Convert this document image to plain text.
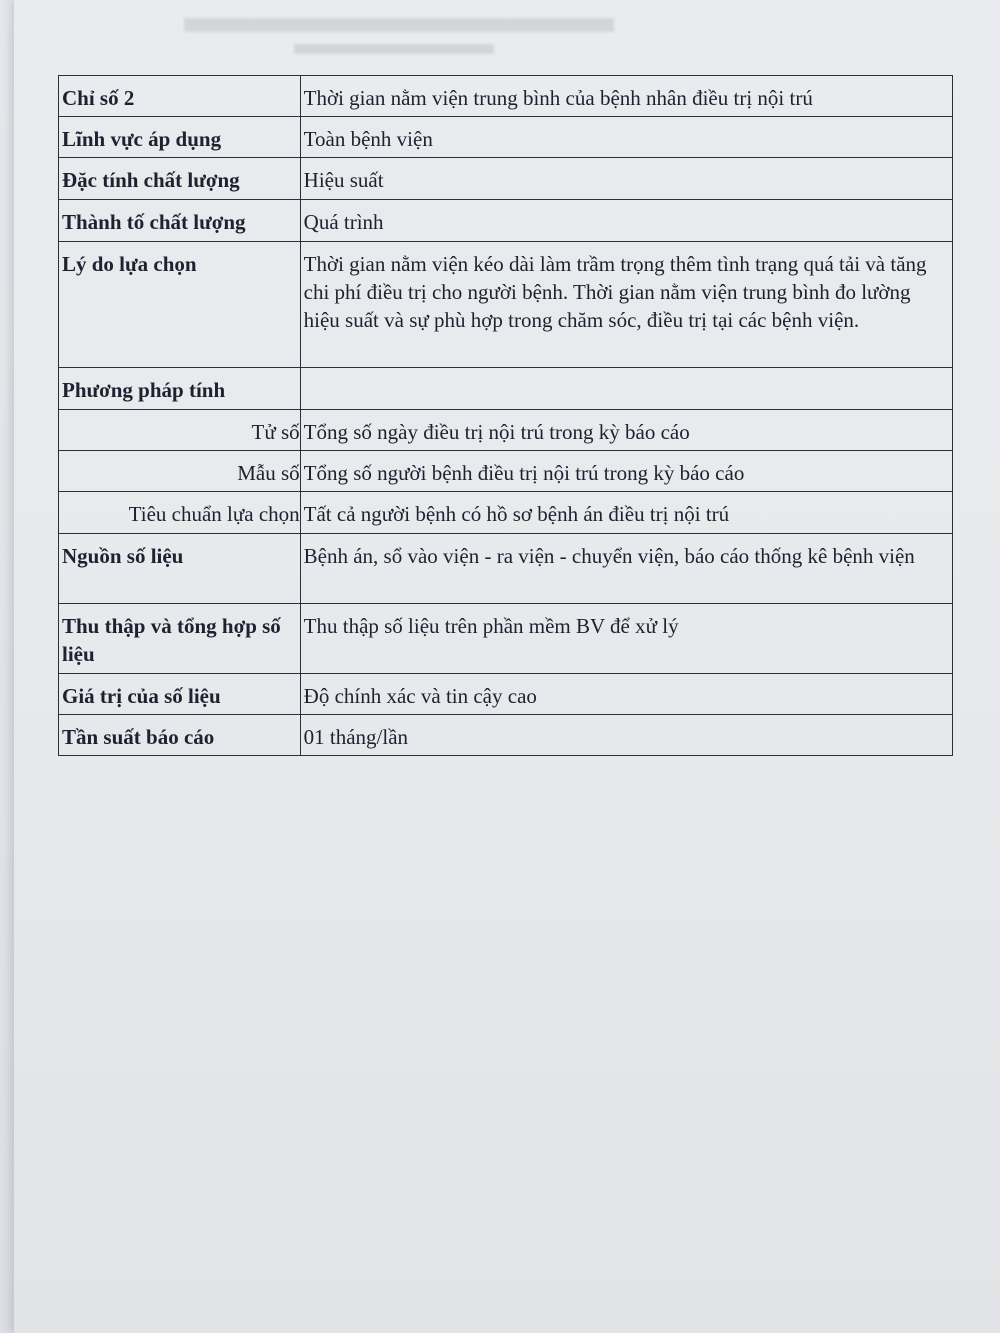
Chỉ số 2	Thời gian nằm viện trung bình của bệnh nhân điều trị nội trú
Lĩnh vực áp dụng	Toàn bệnh viện
Đặc tính chất lượng	Hiệu suất
Thành tố chất lượng	Quá trình
Lý do lựa chọn	Thời gian nằm viện kéo dài làm trầm trọng thêm tình trạng quá tải và tăng chi phí điều trị cho người bệnh. Thời gian nằm viện trung bình đo lường hiệu suất và sự phù hợp trong chăm sóc, điều trị tại các bệnh viện.
Phương pháp tính	
Tử số	Tổng số ngày điều trị nội trú trong kỳ báo cáo
Mẫu số	Tổng số người bệnh điều trị nội trú trong kỳ báo cáo
Tiêu chuẩn lựa chọn	Tất cả người bệnh có hồ sơ bệnh án điều trị nội trú
Nguồn số liệu	Bệnh án, sổ vào viện - ra viện - chuyển viện, báo cáo thống kê bệnh viện
Thu thập và tổng hợp số liệu	Thu thập số liệu trên phần mềm BV để xử lý
Giá trị của số liệu	Độ chính xác và tin cậy cao
Tần suất báo cáo	01 tháng/lần
